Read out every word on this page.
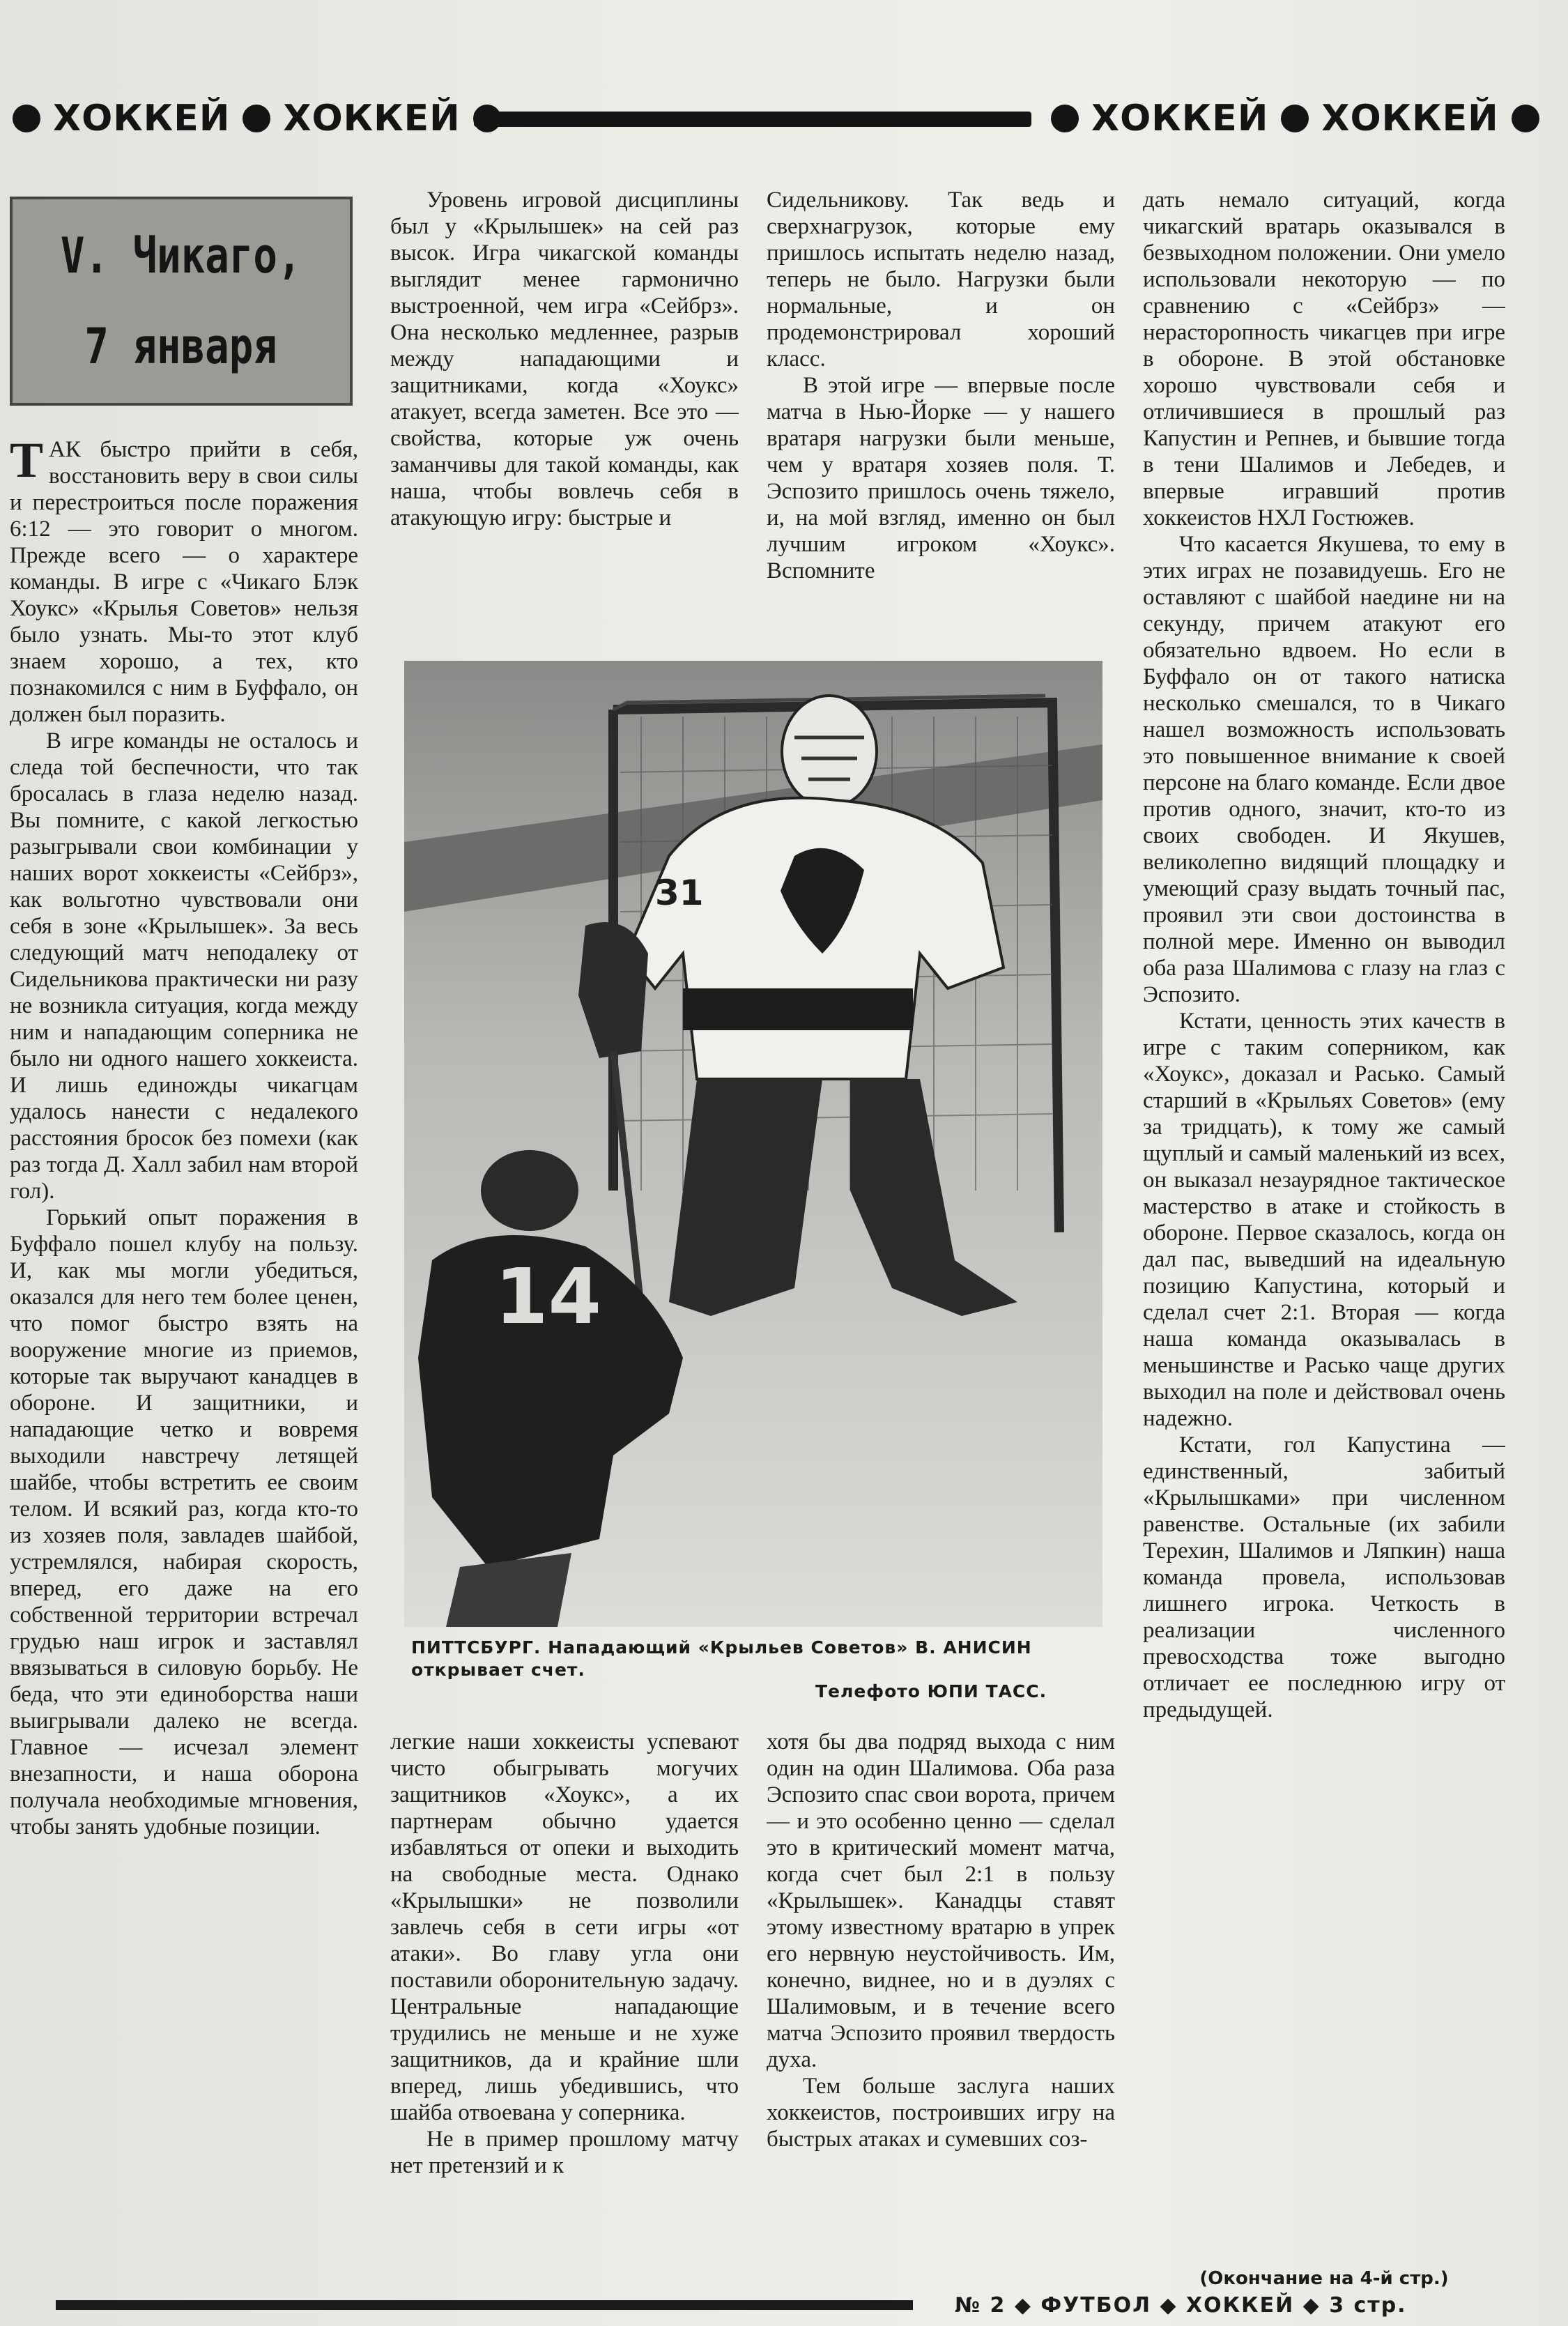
ХОККЕЙ ХОККЕЙ	ХОККЕЙ ХОККЕЙ
V. Чикаго,
7 января

ТАК быстро прийти в себя, восстановить веру в свои силы и перестроиться после поражения 6:12 — это говорит о многом. Прежде всего — о характере команды. В игре с «Чикаго Блэк Хоукс» «Крылья Советов» нельзя было узнать. Мы-то этот клуб знаем хорошо, а тех, кто познакомился с ним в Буффало, он должен был поразить.

В игре команды не осталось и следа той беспечности, что так бросалась в глаза неделю назад. Вы помните, с какой легкостью разыгрывали свои комбинации у наших ворот хоккеисты «Сейбрз», как вольготно чувствовали они себя в зоне «Крылышек». За весь следующий матч неподалеку от Сидельникова практически ни разу не возникла ситуация, когда между ним и нападающим соперника не было ни одного нашего хоккеиста. И лишь единожды чикагцам удалось нанести с недалекого расстояния бросок без помехи (как раз тогда Д. Халл забил нам второй гол).

Горький опыт поражения в Буффало пошел клубу на пользу. И, как мы могли убедиться, оказался для него тем более ценен, что помог быстро взять на вооружение многие из приемов, которые так выручают канадцев в обороне. И защитники, и нападающие четко и вовремя выходили навстречу летящей шайбе, чтобы встретить ее своим телом. И всякий раз, когда кто-то из хозяев поля, завладев шайбой, устремлялся, набирая скорость, вперед, его даже на его собственной территории встречал грудью наш игрок и заставлял ввязываться в силовую борьбу. Не беда, что эти единоборства наши выигрывали далеко не всегда. Главное — исчезал элемент внезапности, и наша оборона получала необходимые мгновения, чтобы занять удобные позиции.

Уровень игровой дисциплины был у «Крылышек» на сей раз высок. Игра чикагской команды выглядит менее гармонично выстроенной, чем игра «Сейбрз». Она несколько медленнее, разрыв между нападающими и защитниками, когда «Хоукс» атакует, всегда заметен. Все это — свойства, которые уж очень заманчивы для такой команды, как наша, чтобы вовлечь себя в атакующую игру: быстрые и

Сидельникову. Так ведь и сверхнагрузок, которые ему пришлось испытать неделю назад, теперь не было. Нагрузки были нормальные, и он продемонстрировал хороший класс.

В этой игре — впервые после матча в Нью-Йорке — у нашего вратаря нагрузки были меньше, чем у вратаря хозяев поля. Т. Эспозито пришлось очень тяжело, и, на мой взгляд, именно он был лучшим игроком «Хоукс». Вспомните

дать немало ситуаций, когда чикагский вратарь оказывался в безвыходном положении. Они умело использовали некоторую — по сравнению с «Сейбрз» — нерасторопность чикагцев при игре в обороне. В этой обстановке хорошо чувствовали себя и отличившиеся в прошлый раз Капустин и Репнев, и бывшие тогда в тени Шалимов и Лебедев, и впервые игравший против хоккеистов НХЛ Гостюжев.

Что касается Якушева, то ему в этих играх не позавидуешь. Его не оставляют с шайбой наедине ни на секунду, причем атакуют его обязательно вдвоем. Но если в Буффало он от такого натиска несколько смешался, то в Чикаго нашел возможность использовать это повышенное внимание к своей персоне на благо команде. Если двое против одного, значит, кто-то из своих свободен. И Якушев, великолепно видящий площадку и умеющий сразу выдать точный пас, проявил эти свои достоинства в полной мере. Именно он выводил оба раза Шалимова с глазу на глаз с Эспозито.

Кстати, ценность этих качеств в игре с таким соперником, как «Хоукс», доказал и Расько. Самый старший в «Крыльях Советов» (ему за тридцать), к тому же самый щуплый и самый маленький из всех, он выказал незаурядное тактическое мастерство в атаке и стойкость в обороне. Первое сказалось, когда он дал пас, выведший на идеальную позицию Капустина, который и сделал счет 2:1. Вторая — когда наша команда оказывалась в меньшинстве и Расько чаще других выходил на поле и действовал очень надежно.

Кстати, гол Капустина — единственный, забитый «Крылышками» при численном равенстве. Остальные (их забили Терехин, Шалимов и Ляпкин) наша команда провела, использовав лишнего игрока. Четкость в реализации численного превосходства тоже выгодно отличает ее последнюю игру от предыдущей.

31
14
ПИТТСБУРГ. Нападающий «Крыльев Советов» В. АНИСИН открывает счет.
Телефото ЮПИ ТАСС.

легкие наши хоккеисты успевают чисто обыгрывать могучих защитников «Хоукс», а их партнерам обычно удается избавляться от опеки и выходить на свободные места. Однако «Крылышки» не позволили завлечь себя в сети игры «от атаки». Во главу угла они поставили оборонительную задачу. Центральные нападающие трудились не меньше и не хуже защитников, да и крайние шли вперед, лишь убедившись, что шайба отвоевана у соперника.

Не в пример прошлому матчу нет претензий и к

хотя бы два подряд выхода с ним один на один Шалимова. Оба раза Эспозито спас свои ворота, причем — и это особенно ценно — сделал это в критический момент матча, когда счет был 2:1 в пользу «Крылышек». Канадцы ставят этому известному вратарю в упрек его нервную неустойчивость. Им, конечно, виднее, но и в дуэлях с Шалимовым, и в течение всего матча Эспозито проявил твердость духа.

Тем больше заслуга наших хоккеистов, построивших игру на быстрых атаках и сумевших соз-

(Окончание на 4-й стр.)
№ 2 ◆ ФУТБОЛ ◆ ХОККЕЙ ◆ 3 стр.
